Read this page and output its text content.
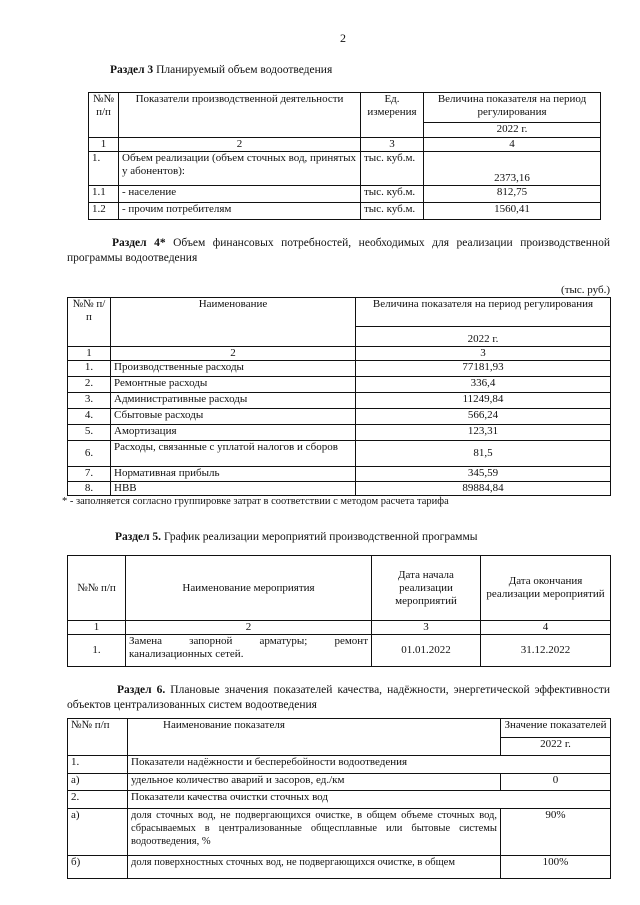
2
Раздел 3 Планируемый объем водоотведения
№№ п/п	Показатели производственной деятельности	Ед. измерения	Величина показателя на период регулирования
			2022 г.
1	2	3	4
1.	Объем реализации (объем сточных вод, принятых у абонентов):	тыс. куб.м.	2373,16
1.1	- население	тыс. куб.м.	812,75
1.2	- прочим потребителям	тыс. куб.м.	1560,41
Раздел 4* Объем финансовых потребностей, необходимых для реализации производственной программы водоотведения
(тыс. руб.)
№№ п/п	Наименование	Величина показателя на период регулирования
		2022 г.
1	2	3
1.	Производственные расходы	77181,93
2.	Ремонтные расходы	336,4
3.	Административные расходы	11249,84
4.	Сбытовые расходы	566,24
5.	Амортизация	123,31
6.	Расходы, связанные с уплатой налогов и сборов	81,5
7.	Нормативная прибыль	345,59
8.	НВВ	89884,84
* - заполняется согласно группировке затрат в соответствии с методом расчета тарифа
Раздел 5. График реализации мероприятий производственной программы
№№ п/п	Наименование мероприятия	Дата начала реализации мероприятий	Дата окончания реализации мероприятий
1	2	3	4
1.	Замена запорной арматуры; ремонт канализационных сетей.	01.01.2022	31.12.2022
Раздел 6. Плановые значения показателей качества, надёжности, энергетической эффективности объектов централизованных систем водоотведения
№№ п/п	Наименование показателя	Значение показателей
		2022 г.
1.	Показатели надёжности и бесперебойности водоотведения	
а)	удельное количество аварий и засоров, ед./км	0
2.	Показатели качества очистки сточных вод	
а)	доля сточных вод, не подвергающихся очистке, в общем объеме сточных вод, сбрасываемых в централизованные общесплавные или бытовые системы водоотведения, %	90%
б)	доля поверхностных сточных вод, не подвергающихся очистке, в общем	100%
